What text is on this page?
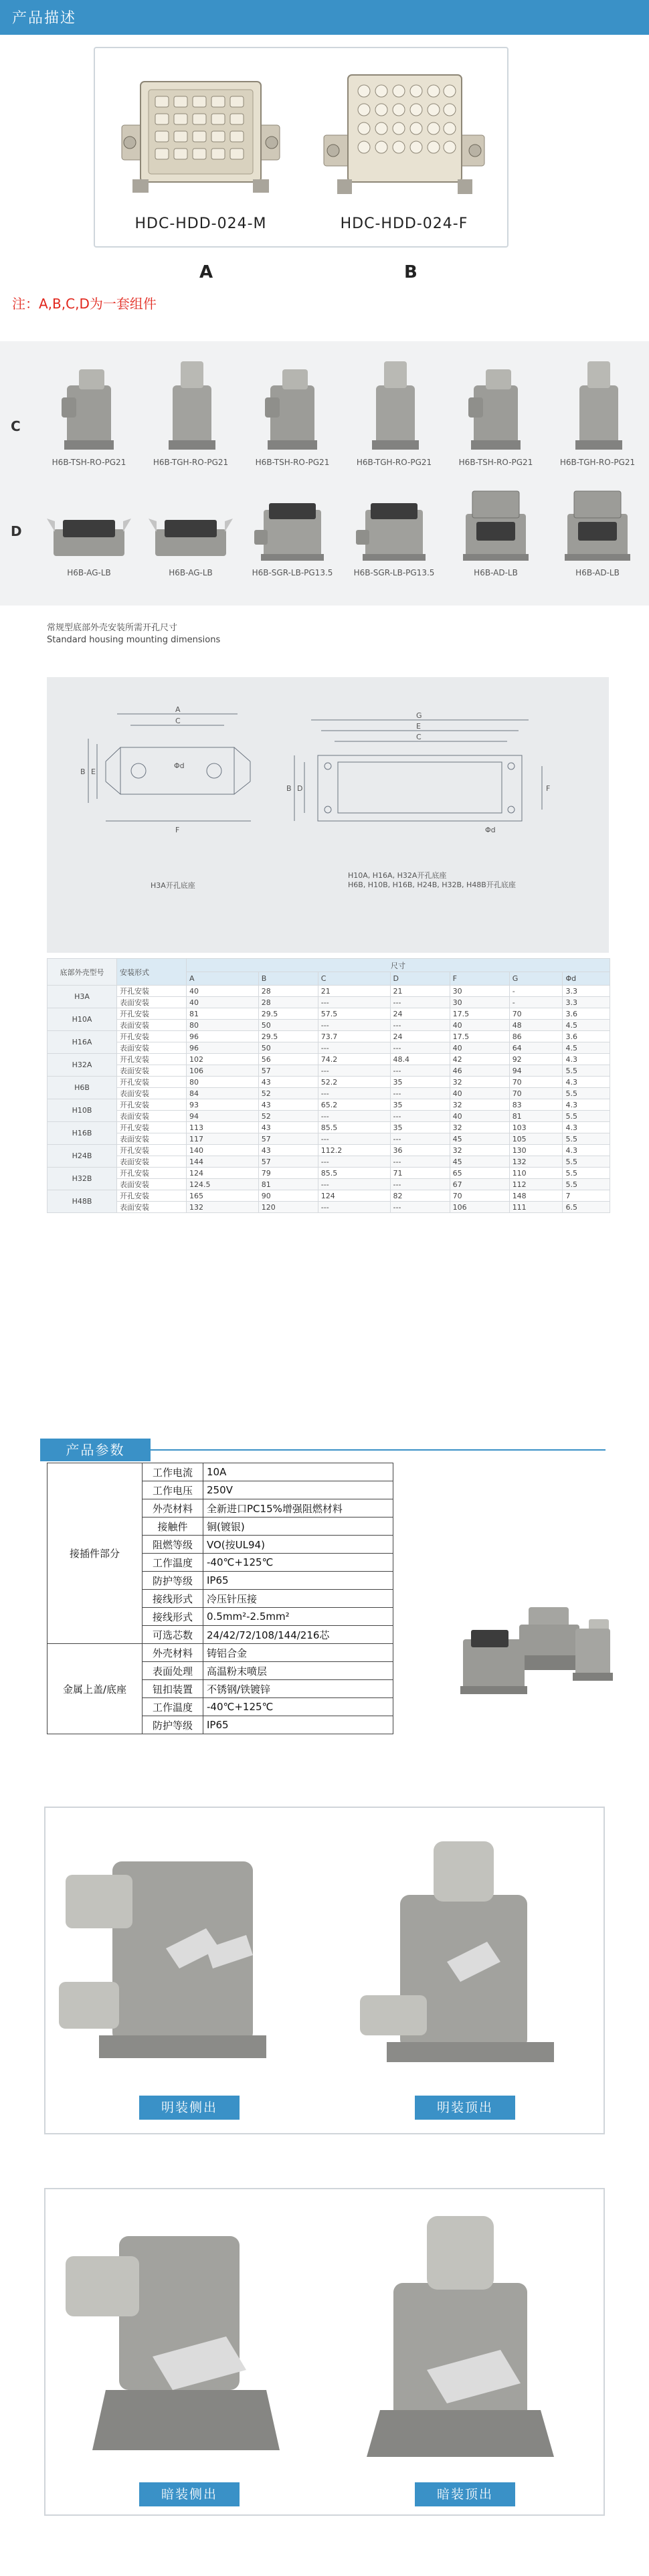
产品描述
HDC-HDD-024-M	HDC-HDD-024-F
A	B
注：A,B,C,D为一套组件
C
D
H6B-TSH-RO-PG21	H6B-TGH-RO-PG21	H6B-TSH-RO-PG21	H6B-TGH-RO-PG21	H6B-TSH-RO-PG21	H6B-TGH-RO-PG21
H6B-AG-LB	H6B-AG-LB	H6B-SGR-LB-PG13.5	H6B-SGR-LB-PG13.5	H6B-AD-LB	H6B-AD-LB
常规型底部外壳安装所需开孔尺寸
Standard housing mounting dimensions
A
C
B E
F
Φd
H3A开孔底座
G
E
C
B D	F
Φd
H10A, H16A, H32A开孔底座
H6B, H10B, H16B, H24B, H32B, H48B开孔底座
底部外壳型号	安装形式	尺寸						
		A	B	C	D	F	G	Φd
H3A	开孔安装	40	28	21	21	30	-	3.3
	表面安装	40	28	---	---	30	-	3.3
H10A	开孔安装	81	29.5	57.5	24	17.5	70	3.6
	表面安装	80	50	---	---	40	48	4.5
H16A	开孔安装	96	29.5	73.7	24	17.5	86	3.6
	表面安装	96	50	---	---	40	64	4.5
H32A	开孔安装	102	56	74.2	48.4	42	92	4.3
	表面安装	106	57	---	---	46	94	5.5
H6B	开孔安装	80	43	52.2	35	32	70	4.3
	表面安装	84	52	---	---	40	70	5.5
H10B	开孔安装	93	43	65.2	35	32	83	4.3
	表面安装	94	52	---	---	40	81	5.5
H16B	开孔安装	113	43	85.5	35	32	103	4.3
	表面安装	117	57	---	---	45	105	5.5
H24B	开孔安装	140	43	112.2	36	32	130	4.3
	表面安装	144	57	---	---	45	132	5.5
H32B	开孔安装	124	79	85.5	71	65	110	5.5
	表面安装	124.5	81	---	---	67	112	5.5
H48B	开孔安装	165	90	124	82	70	148	7
	表面安装	132	120	---	---	106	111	6.5
产品参数
接插件部分	工作电流	10A
	工作电压	250V
	外壳材料	全新进口PC15%增强阻燃材料
	接触件	铜(镀银)
	阻燃等级	VO(按UL94)
	工作温度	-40℃+125℃
	防护等级	IP65
	接线形式	冷压针压接
	接线形式	0.5mm²-2.5mm²
	可选芯数	24/42/72/108/144/216芯
金属上盖/底座	外壳材料	铸铝合金
	表面处理	高温粉末喷层
	钮扣装置	不锈钢/铁镀锌
	工作温度	-40℃+125℃
	防护等级	IP65
明装侧出	明装顶出
暗装侧出	暗装顶出
